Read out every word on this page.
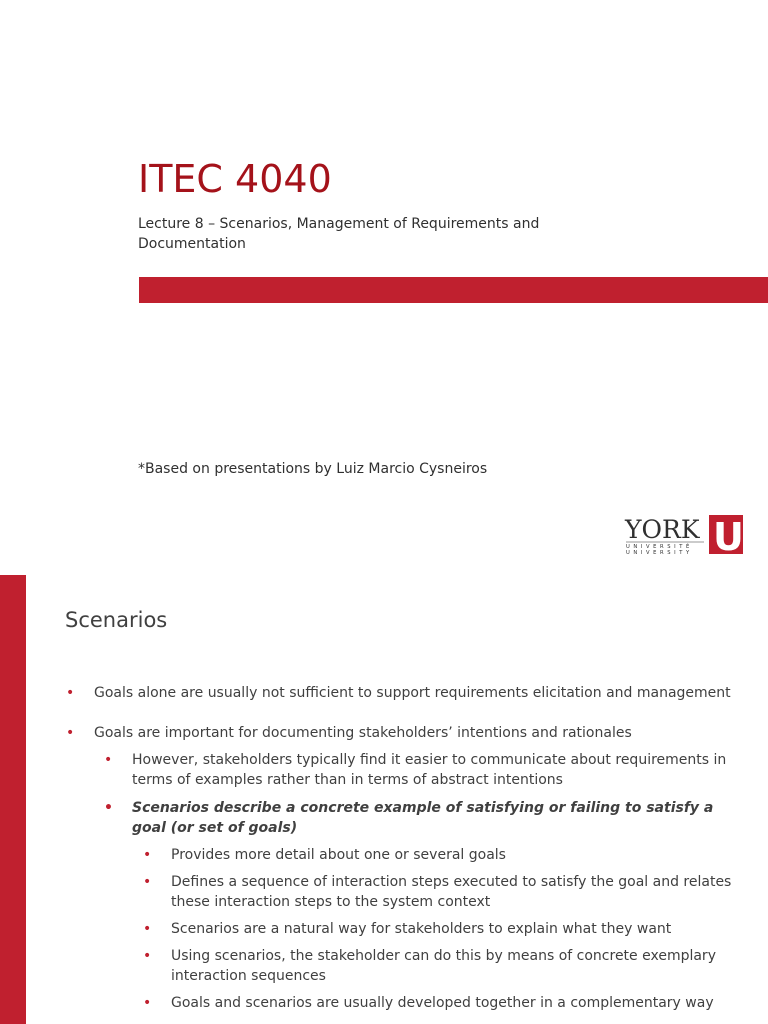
ITEC 4040

Lecture 8 – Scenarios, Management of Requirements and Documentation

*Based on presentations by Luiz Marcio Cysneiros

YORK
UNIVERSITÉ
UNIVERSITY U
Scenarios

• Goals alone are usually not sufficient to support requirements elicitation and management

• Goals are important for documenting stakeholders’ intentions and rationales

• However, stakeholders typically find it easier to communicate about requirements in terms of examples rather than in terms of abstract intentions

• Scenarios describe a concrete example of satisfying or failing to satisfy a goal (or set of goals)

• Provides more detail about one or several goals

• Defines a sequence of interaction steps executed to satisfy the goal and relates these interaction steps to the system context

• Scenarios are a natural way for stakeholders to explain what they want

• Using scenarios, the stakeholder can do this by means of concrete exemplary interaction sequences

• Goals and scenarios are usually developed together in a complementary way
